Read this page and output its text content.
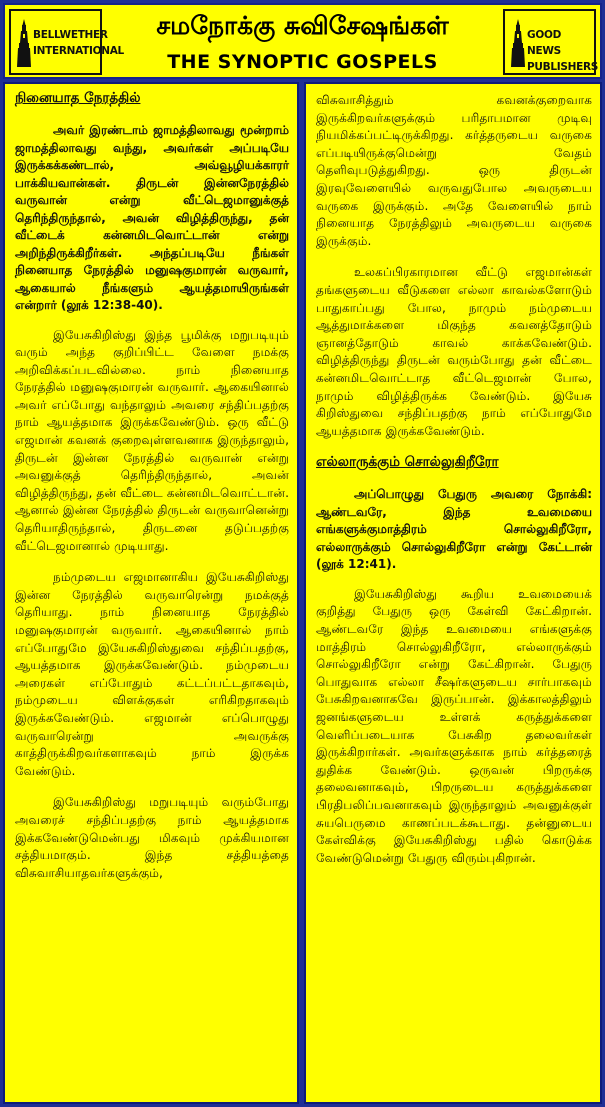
BELLWETHER
INTERNATIONAL
சமநோக்கு சுவிசேஷங்கள்
THE SYNOPTIC GOSPELS
GOOD NEWS
PUBLISHERS
நினையாத நேரத்தில்

அவர் இரண்டாம் ஜாமத்திலாவது மூன்றாம் ஜாமத்திலாவது வந்து, அவர்கள் அப்படியே இருக்கக்கண்டால், அவ்வூழியக்காரர் பாக்கியவான்கள். திருடன் இன்னநேரத்தில் வருவான் என்று வீட்டெஜமானுக்குத் தெரிந்திருந்தால், அவன் விழித்திருந்து, தன் வீட்டைக் கன்னமிடவொட்டான் என்று அறிந்திருக்கிறீர்கள். அந்தப்படியே நீங்கள் நினையாத நேரத்தில் மனுஷகுமாரன் வருவார், ஆகையால் நீங்களும் ஆயத்தமாயிருங்கள் என்றார் (லூக் 12:38-40).

இயேசுகிறிஸ்து இந்த பூமிக்கு மறுபடியும் வரும் அந்த குறிப்பிட்ட வேளை நமக்கு அறிவிக்கப்படவில்லை. நாம் நினையாத நேரத்தில் மனுஷகுமாரன் வருவார். ஆகையினால் அவர் எப்போது வந்தாலும் அவரை சந்திப்பதற்கு நாம் ஆயத்தமாக இருக்கவேண்டும். ஒரு வீட்டு எஜமான் கவனக் குறைவுள்ளவனாக இருந்தாலும், திருடன் இன்ன நேரத்தில் வருவான் என்று அவனுக்குத் தெரிந்திருந்தால், அவன் விழித்திருந்து, தன் வீட்டை கன்னமிடவொட்டான். ஆனால் இன்ன நேரத்தில் திருடன் வருவானென்று தெரியாதிருந்தால், திருடனை தடுப்பதற்கு வீட்டெஜமானால் முடியாது.

நம்முடைய எஜமானாகிய இயேசுகிறிஸ்து இன்ன நேரத்தில் வருவாரென்று நமக்குத் தெரியாது. நாம் நினையாத நேரத்தில் மனுஷகுமாரன் வருவார். ஆகையினால் நாம் எப்போதுமே இயேசுகிறிஸ்துவை சந்திப்பதற்கு, ஆயத்தமாக இருக்கவேண்டும். நம்முடைய அரைகள் எப்போதும் கட்டப்பட்டதாகவும், நம்முடைய விளக்குகள் எரிகிறதாகவும் இருக்கவேண்டும். எஜமான் எப்பொழுது வருவாரென்று அவருக்கு காத்திருக்கிறவர்களாகவும் நாம் இருக்க வேண்டும்.

இயேசுகிறிஸ்து மறுபடியும் வரும்போது அவரைச் சந்திப்பதற்கு நாம் ஆயத்தமாக இக்கவேண்டுமென்பது மிகவும் முக்கியமான சத்தியமாகும். இந்த சத்தியத்தை விசுவாசியாதவர்களுக்கும்,

விசுவாசித்தும் கவனக்குறைவாக இருக்கிறவர்களுக்கும் பரிதாபமான முடிவு நியமிக்கப்பட்டிருக்கிறது. கர்த்தருடைய வருகை எப்படியிருக்குமென்று வேதம் தெளிவுபடுத்துகிறது. ஒரு திருடன் இரவுவேளையில் வருவதுபோல அவருடைய வருகை இருக்கும். அதே வேளையில் நாம் நினையாத நேரத்திலும் அவருடைய வருகை இருக்கும்.

உலகப்பிரகாரமான வீட்டு எஜமான்கள் தங்களுடைய வீடுகளை எல்லா காவல்களோடும் பாதுகாப்பது போல, நாமும் நம்முடைய ஆத்துமாக்களை மிகுந்த கவனத்தோடும் ஞானத்தோடும் காவல் காக்கவேண்டும். விழித்திருந்து திருடன் வரும்போது தன் வீட்டை கன்னமிடவொட்டாத வீட்டெஜமான் போல, நாமும் விழித்திருக்க வேண்டும். இயேசு கிறிஸ்துவை சந்திப்பதற்கு நாம் எப்போதுமே ஆயத்தமாக இருக்கவேண்டும்.

எல்லாருக்கும் சொல்லுகிறீரோ

அப்பொழுது பேதுரு அவரை நோக்கி: ஆண்டவரே, இந்த உவமையை எங்களுக்குமாத்திரம் சொல்லுகிறீரோ, எல்லாருக்கும் சொல்லுகிறீரோ என்று கேட்டான் (லூக் 12:41).

இயேசுகிறிஸ்து கூறிய உவமையைக் குறித்து பேதுரு ஒரு கேள்வி கேட்கிறான். ஆண்டவரே இந்த உவமையை எங்களுக்கு மாத்திரம் சொல்லுகிறீரோ, எல்லாருக்கும் சொல்லுகிறீரோ என்று கேட்கிறான். பேதுரு பொதுவாக எல்லா சீஷர்களுடைய சார்பாகவும் பேசுகிறவனாகவே இருப்பான். இக்காலத்திலும் ஜனங்களுடைய உள்ளக் கருத்துக்களை வெளிப்படையாக பேசுகிற தலைவர்கள் இருக்கிறார்கள். அவர்களுக்காக நாம் கர்த்தரைத் துதிக்க வேண்டும். ஒருவன் பிறருக்கு தலைவனாகவும், பிறருடைய கருத்துக்களை பிரதிபலிப்பவனாகவும் இருந்தாலும் அவனுக்குள் சுயபெருமை காணப்படக்கூடாது. தன்னுடைய கேள்விக்கு இயேசுகிறிஸ்து பதில் கொடுக்க வேண்டுமென்று பேதுரு விரும்புகிறான்.
